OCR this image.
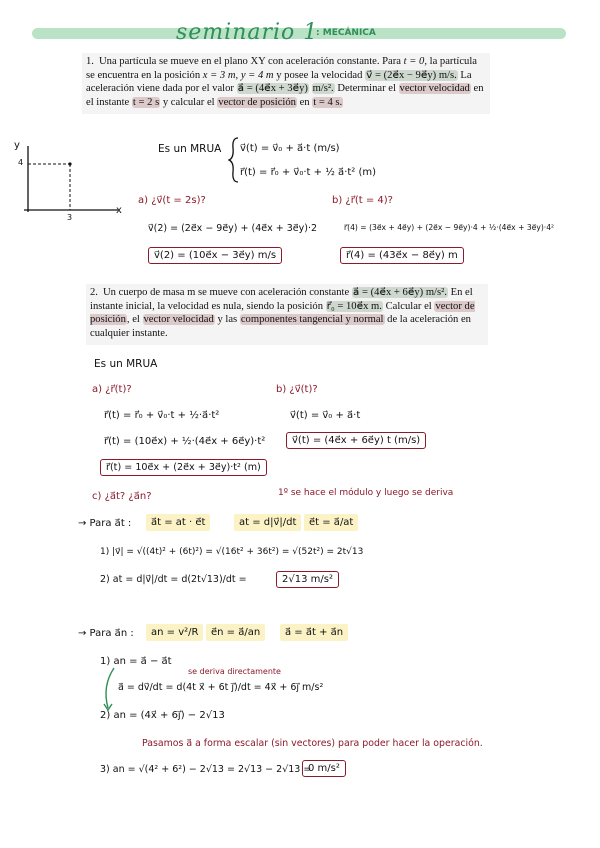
seminario 1
: MECÁNICA
1. Una partícula se mueve en el plano XY con aceleración constante. Para t = 0, la partícula se encuentra en la posición x = 3 m, y = 4 m y posee la velocidad v⃗ = (2e⃗x − 9e⃗y) m/s. La aceleración viene dada por el valor a⃗ = (4e⃗x + 3e⃗y) m/s². Determinar el vector velocidad en el instante t = 2 s y calcular el vector de posición en t = 4 s.
Es un MRUA v⃗(t) = v⃗₀ + a⃗·t (m/s)
r⃗(t) = r⃗₀ + v⃗₀·t + ½ a⃗·t² (m)
y
x
4
3
a) ¿v⃗(t = 2s)?	b) ¿r⃗(t = 4)?
v⃗(2) = (2e⃗x − 9e⃗y) + (4e⃗x + 3e⃗y)·2	r⃗(4) = (3e⃗x + 4e⃗y) + (2e⃗x − 9e⃗y)·4 + ½·(4e⃗x + 3e⃗y)·4²
v⃗(2) = (10e⃗x − 3e⃗y) m/s	r⃗(4) = (43e⃗x − 8e⃗y) m
2. Un cuerpo de masa m se mueve con aceleración constante a⃗ = (4e⃗x + 6e⃗y) m/s². En el instante inicial, la velocidad es nula, siendo la posición r⃗₀ = 10e⃗x m. Calcular el vector de posición, el vector velocidad y las componentes tangencial y normal de la aceleración en cualquier instante.
Es un MRUA
a) ¿r⃗(t)?	b) ¿v⃗(t)?
r⃗(t) = r⃗₀ + v⃗₀·t + ½·a⃗·t²
r⃗(t) = (10e⃗x) + ½·(4e⃗x + 6e⃗y)·t²
r⃗(t) = 10e⃗x + (2e⃗x + 3e⃗y)·t² (m)
v⃗(t) = v⃗₀ + a⃗·t
v⃗(t) = (4e⃗x + 6e⃗y) t (m/s)
c) ¿a⃗t? ¿a⃗n?	1º se hace el módulo y luego se deriva
→ Para a⃗t :	a⃗t = at · e⃗t	at = d|v⃗|/dt	e⃗t = a⃗/at
1) |v⃗| = √((4t)² + (6t)²) = √(16t² + 36t²) = √(52t²) = 2t√13
2) at = d|v⃗|/dt = d(2t√13)/dt =	2√13 m/s²
→ Para a⃗n :	an = v²/R	e⃗n = a⃗/an	a⃗ = a⃗t + a⃗n
1) an = a⃗ − a⃗t
se deriva directamente
a⃗ = dv⃗/dt = d(4t x⃗ + 6t ȷ⃗)/dt = 4x⃗ + 6ȷ⃗ m/s²
2) an = (4x⃗ + 6ȷ⃗) − 2√13
Pasamos a⃗ a forma escalar (sin vectores) para poder hacer la operación.
3) an = √(4² + 6²) − 2√13 = 2√13 − 2√13 =
0 m/s²
